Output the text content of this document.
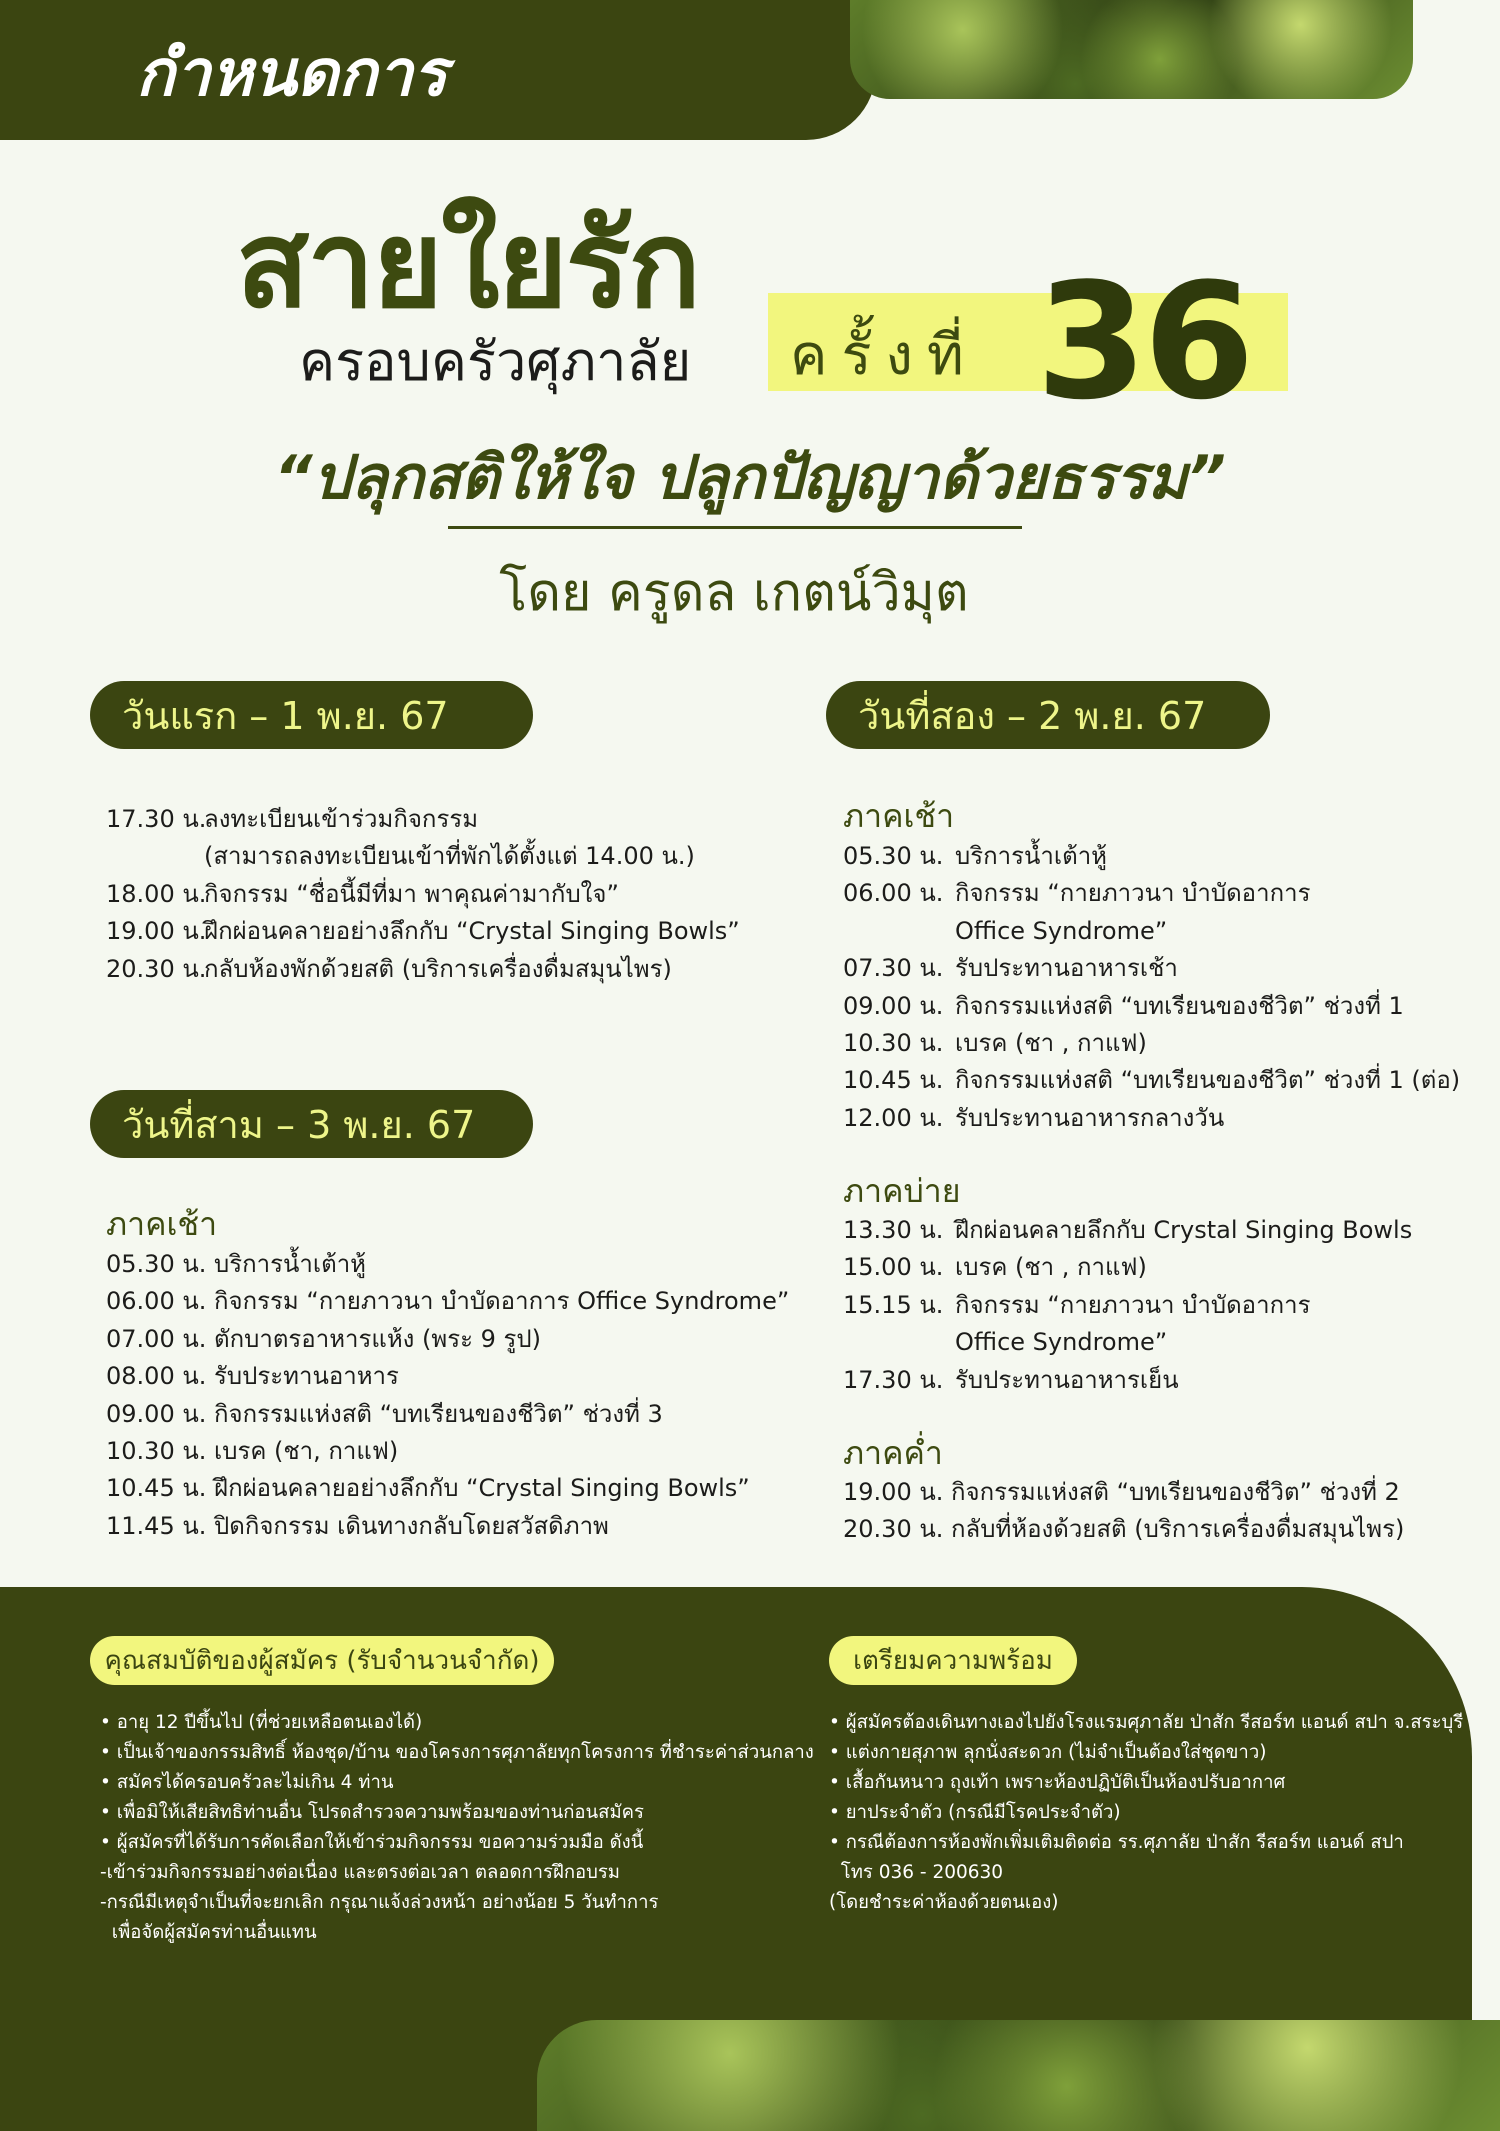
กำหนดการ
สายใยรัก
ครอบครัวศุภาลัย ครั้งที่ 36
“ปลุกสติให้ใจ ปลูกปัญญาด้วยธรรม”
โดย ครูดล เกตน์วิมุต
วันแรก – 1 พ.ย. 67
17.30 น.ลงทะเบียนเข้าร่วมกิจกรรม
(สามารถลงทะเบียนเข้าที่พักได้ตั้งแต่ 14.00 น.)
18.00 น.กิจกรรม “ชื่อนี้มีที่มา พาคุณค่ามากับใจ”
19.00 น.ฝึกผ่อนคลายอย่างลึกกับ “Crystal Singing Bowls”
20.30 น.กลับห้องพักด้วยสติ (บริการเครื่องดื่มสมุนไพร)
วันที่สอง – 2 พ.ย. 67
ภาคเช้า
05.30 น. บริการน้ำเต้าหู้
06.00 น. กิจกรรม “กายภาวนา บำบัดอาการ
Office Syndrome”
07.30 น. รับประทานอาหารเช้า
09.00 น. กิจกรรมแห่งสติ “บทเรียนของชีวิต” ช่วงที่ 1
10.30 น. เบรค (ชา , กาแฟ)
10.45 น. กิจกรรมแห่งสติ “บทเรียนของชีวิต” ช่วงที่ 1 (ต่อ)
12.00 น. รับประทานอาหารกลางวัน
ภาคบ่าย
13.30 น. ฝึกผ่อนคลายลึกกับ Crystal Singing Bowls
15.00 น. เบรค (ชา , กาแฟ)
15.15 น. กิจกรรม “กายภาวนา บำบัดอาการ
Office Syndrome”
17.30 น. รับประทานอาหารเย็น
ภาคค่ำ
19.00 น. กิจกรรมแห่งสติ “บทเรียนของชีวิต” ช่วงที่ 2
20.30 น. กลับที่ห้องด้วยสติ (บริการเครื่องดื่มสมุนไพร)
วันที่สาม – 3 พ.ย. 67
ภาคเช้า
05.30 น. บริการน้ำเต้าหู้
06.00 น. กิจกรรม “กายภาวนา บำบัดอาการ Office Syndrome”
07.00 น. ตักบาตรอาหารแห้ง (พระ 9 รูป)
08.00 น. รับประทานอาหาร
09.00 น. กิจกรรมแห่งสติ “บทเรียนของชีวิต” ช่วงที่ 3
10.30 น. เบรค (ชา, กาแฟ)
10.45 น. ฝึกผ่อนคลายอย่างลึกกับ “Crystal Singing Bowls”
11.45 น. ปิดกิจกรรม เดินทางกลับโดยสวัสดิภาพ
คุณสมบัติของผู้สมัคร (รับจำนวนจำกัด)
• อายุ 12 ปีขึ้นไป (ที่ช่วยเหลือตนเองได้)
• เป็นเจ้าของกรรมสิทธิ์ ห้องชุด/บ้าน ของโครงการศุภาลัยทุกโครงการ ที่ชำระค่าส่วนกลาง
• สมัครได้ครอบครัวละไม่เกิน 4 ท่าน
• เพื่อมิให้เสียสิทธิท่านอื่น โปรดสำรวจความพร้อมของท่านก่อนสมัคร
• ผู้สมัครที่ได้รับการคัดเลือกให้เข้าร่วมกิจกรรม ขอความร่วมมือ ดังนี้
-เข้าร่วมกิจกรรมอย่างต่อเนื่อง และตรงต่อเวลา ตลอดการฝึกอบรม
-กรณีมีเหตุจำเป็นที่จะยกเลิก กรุณาแจ้งล่วงหน้า อย่างน้อย 5 วันทำการ
เพื่อจัดผู้สมัครท่านอื่นแทน
เตรียมความพร้อม
• ผู้สมัครต้องเดินทางเองไปยังโรงแรมศุภาลัย ป่าสัก รีสอร์ท แอนด์ สปา จ.สระบุรี
• แต่งกายสุภาพ ลุกนั่งสะดวก (ไม่จำเป็นต้องใส่ชุดขาว)
• เสื้อกันหนาว ถุงเท้า เพราะห้องปฏิบัติเป็นห้องปรับอากาศ
• ยาประจำตัว (กรณีมีโรคประจำตัว)
• กรณีต้องการห้องพักเพิ่มเติมติดต่อ รร.ศุภาลัย ป่าสัก รีสอร์ท แอนด์ สปา
โทร 036 - 200630
(โดยชำระค่าห้องด้วยตนเอง)
